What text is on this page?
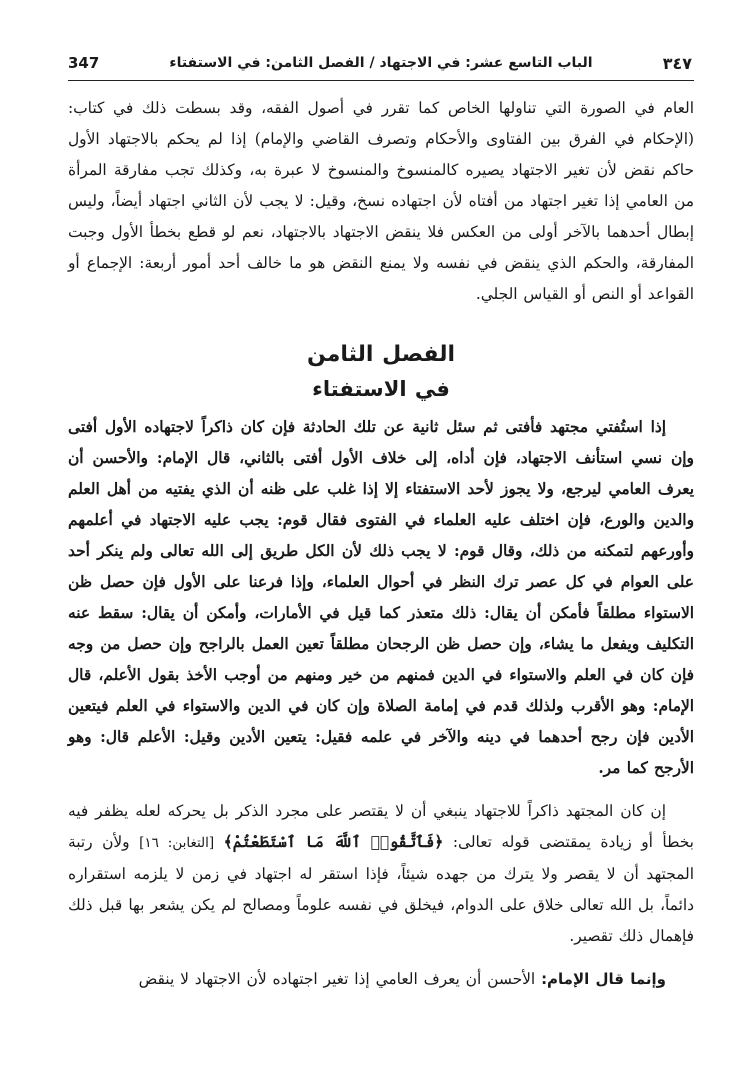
٣٤٧
الباب التاسع عشر: في الاجتهاد / الفصل الثامن: في الاستفتاء
347

العام في الصورة التي تناولها الخاص كما تقرر في أصول الفقه، وقد بسطت ذلك في كتاب: (الإحكام في الفرق بين الفتاوى والأحكام وتصرف القاضي والإمام) إذا لم يحكم بالاجتهاد الأول حاكم نقض لأن تغير الاجتهاد يصيره كالمنسوخ والمنسوخ لا عبرة به، وكذلك تجب مفارقة المرأة من العامي إذا تغير اجتهاد من أفتاه لأن اجتهاده نسخ، وقيل: لا يجب لأن الثاني اجتهاد أيضاً، وليس إبطال أحدهما بالآخر أولى من العكس فلا ينقض الاجتهاد بالاجتهاد، نعم لو قطع بخطأ الأول وجبت المفارقة، والحكم الذي ينقض في نفسه ولا يمنع النقض هو ما خالف أحد أمور أربعة: الإجماع أو القواعد أو النص أو القياس الجلي.

الفصل الثامن
في الاستفتاء

إذا استُفتي مجتهد فأفتى ثم سئل ثانية عن تلك الحادثة فإن كان ذاكراً لاجتهاده الأول أفتى وإن نسي استأنف الاجتهاد، فإن أداه، إلى خلاف الأول أفتى بالثاني، قال الإمام: والأحسن أن يعرف العامي ليرجع، ولا يجوز لأحد الاستفتاء إلا إذا غلب على ظنه أن الذي يفتيه من أهل العلم والدين والورع، فإن اختلف عليه العلماء في الفتوى فقال قوم: يجب عليه الاجتهاد في أعلمهم وأورعهم لتمكنه من ذلك، وقال قوم: لا يجب ذلك لأن الكل طريق إلى الله تعالى ولم ينكر أحد على العوام في كل عصر ترك النظر في أحوال العلماء، وإذا فرعنا على الأول فإن حصل ظن الاستواء مطلقاً فأمكن أن يقال: ذلك متعذر كما قيل في الأمارات، وأمكن أن يقال: سقط عنه التكليف ويفعل ما يشاء، وإن حصل ظن الرجحان مطلقاً تعين العمل بالراجح وإن حصل من وجه فإن كان في العلم والاستواء في الدين فمنهم من خير ومنهم من أوجب الأخذ بقول الأعلم، قال الإمام: وهو الأقرب ولذلك قدم في إمامة الصلاة وإن كان في الدين والاستواء في العلم فيتعين الأدين فإن رجح أحدهما في دينه والآخر في علمه فقيل: يتعين الأدين وقيل: الأعلم قال: وهو الأرجح كما مر.

إن كان المجتهد ذاكراً للاجتهاد ينبغي أن لا يقتصر على مجرد الذكر بل يحركه لعله يظفر فيه بخطأ أو زيادة يمقتضى قوله تعالى: ﴿فَٱتَّقُوا۟ ٱللَّهَ مَا ٱسْتَطَعْتُمْ﴾ [التغابن: ١٦] ولأن رتبة المجتهد أن لا يقصر ولا يترك من جهده شيئاً، فإذا استقر له اجتهاد في زمن لا يلزمه استقراره دائماً، بل الله تعالى خلاق على الدوام، فيخلق في نفسه علوماً ومصالح لم يكن يشعر بها قبل ذلك فإهمال ذلك تقصير.

وإنما قال الإمام: الأحسن أن يعرف العامي إذا تغير اجتهاده لأن الاجتهاد لا ينقض
